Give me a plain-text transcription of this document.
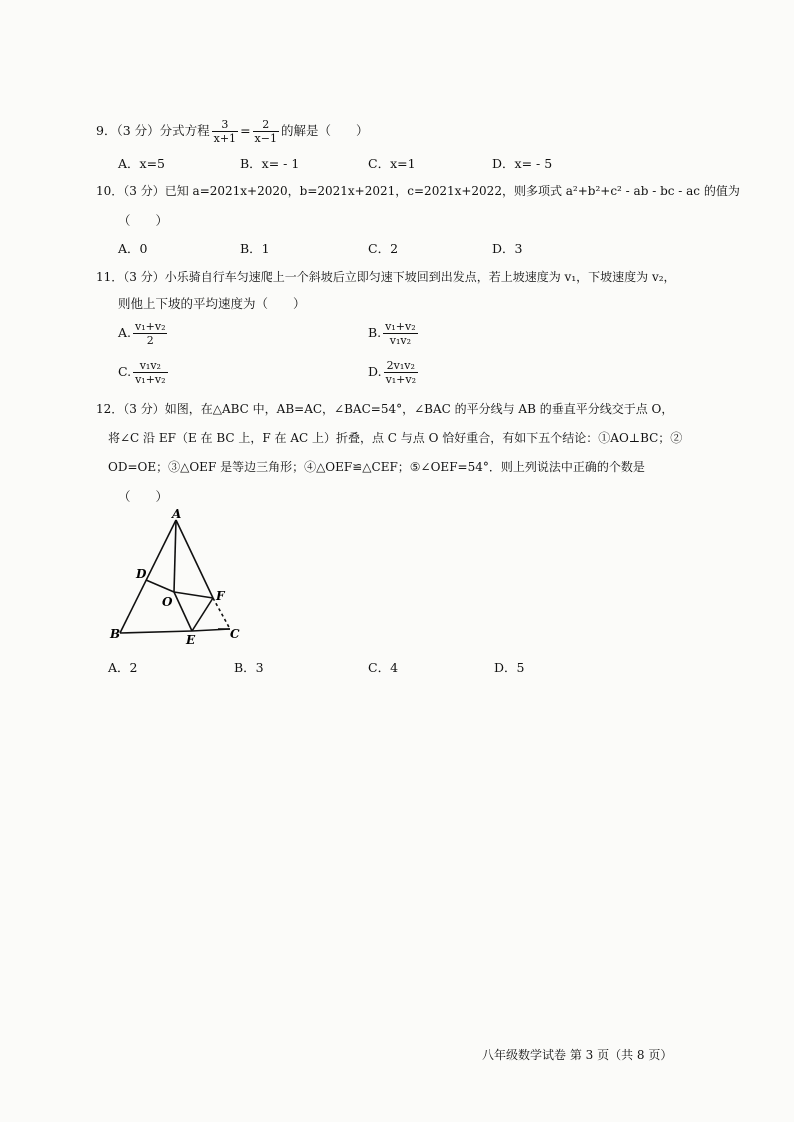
9．（3 分）分式方程 $\frac{3}{x+1} = \frac{2}{x-1}$ 的解是（　　）
A．x=5	B．x= - 1	C．x=1	D．x= - 5
10．（3 分）已知 a=2021x+2020，b=2021x+2021，c=2021x+2022，则多项式 a²+b²+c² - ab - bc - ac 的值为
（　　）
A．0	B．1	C．2	D．3
11．（3 分）小乐骑自行车匀速爬上一个斜坡后立即匀速下坡回到出发点，若上坡速度为 v₁，下坡速度为 v₂，
则他上下坡的平均速度为（　　）
A. $\frac{\text{v₁+v₂}}{2}$	B. $\frac{\text{v₁+v₂}}{\text{v₁v₂}}$
C. $\frac{\text{v₁v₂}}{\text{v₁+v₂}}$	D. $\frac{\text{2v₁v₂}}{\text{v₁+v₂}}$
12．（3 分）如图，在△ABC 中，AB=AC，∠BAC=54°，∠BAC 的平分线与 AB 的垂直平分线交于点 O，
将∠C 沿 EF（E 在 BC 上，F 在 AC 上）折叠，点 C 与点 O 恰好重合，有如下五个结论：①AO⊥BC；②
OD=OE；③△OEF 是等边三角形；④△OEF≌△CEF；⑤∠OEF=54°．则上列说法中正确的个数是
（　　）
A
D
O	F
B	E	C
A．2	B．3	C．4	D．5
八年级数学试卷 第 3 页（共 8 页）
